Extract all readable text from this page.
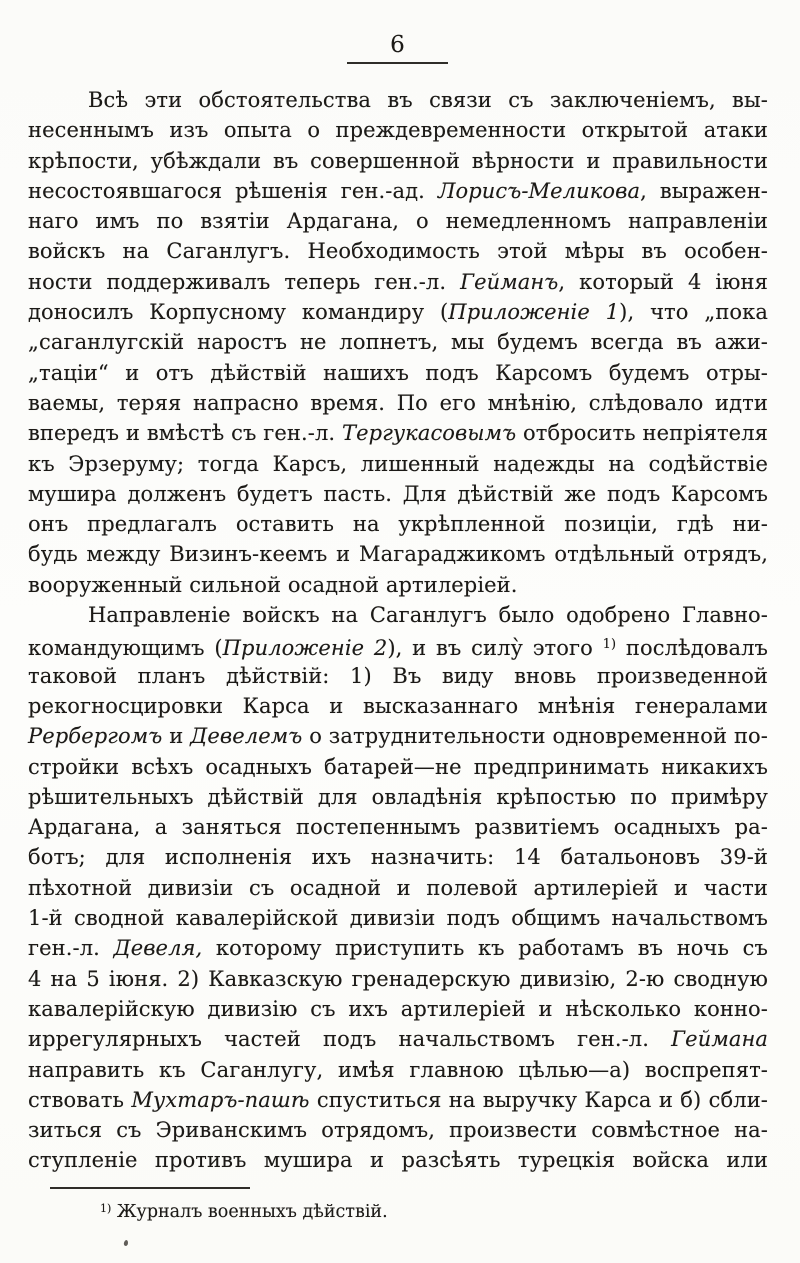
6
Всѣ эти обстоятельства въ связи съ заключеніемъ, вы-
несеннымъ изъ опыта о преждевременности открытой атаки
крѣпости, убѣждали въ совершенной вѣрности и правильности
несостоявшагося рѣшенія ген.-ад. Лорисъ-Меликова, выражен-
наго имъ по взятіи Ардагана, о немедленномъ направленіи
войскъ на Саганлугъ. Необходимость этой мѣры въ особен-
ности поддерживалъ теперь ген.-л. Гейманъ, который 4 іюня
доносилъ Корпусному командиру (Приложеніе 1), что „пока
„саганлугскій наростъ не лопнетъ, мы будемъ всегда въ ажи-
„таціи“ и отъ дѣйствій нашихъ подъ Карсомъ будемъ отры-
ваемы, теряя напрасно время. По его мнѣнію, слѣдовало идти
впередъ и вмѣстѣ съ ген.-л. Тергукасовымъ отбросить непріятеля
къ Эрзеруму; тогда Карсъ, лишенный надежды на содѣйствіе
мушира долженъ будетъ пасть. Для дѣйствій же подъ Карсомъ
онъ предлагалъ оставить на укрѣпленной позиціи, гдѣ ни-
будь между Визинъ-кеемъ и Магараджикомъ отдѣльный отрядъ,
вооруженный сильной осадной артилеріей.
Направленіе войскъ на Саганлугъ было одобрено Главно-
командующимъ (Приложеніе 2), и въ силу̀ этого $^{1)}$ послѣдовалъ
таковой планъ дѣйствій: 1) Въ виду вновь произведенной
рекогносцировки Карса и высказаннаго мнѣнія генералами
Рербергомъ и Девелемъ о затруднительности одновременной по-
стройки всѣхъ осадныхъ батарей—не предпринимать никакихъ
рѣшительныхъ дѣйствій для овладѣнія крѣпостью по примѣру
Ардагана, а заняться постепеннымъ развитіемъ осадныхъ ра-
ботъ; для исполненія ихъ назначить: 14 батальоновъ 39-й
пѣхотной дивизіи съ осадной и полевой артилеріей и части
1-й сводной кавалерійской дивизіи подъ общимъ начальствомъ
ген.-л. Девеля, которому приступить къ работамъ въ ночь съ
4 на 5 іюня. 2) Кавказскую гренадерскую дивизію, 2-ю сводную
кавалерійскую дивизію съ ихъ артилеріей и нѣсколько конно-
иррегулярныхъ частей подъ начальствомъ ген.-л. Геймана
направить къ Саганлугу, имѣя главною цѣлью—а) воспрепят-
ствовать Мухтаръ-пашѣ спуститься на выручку Карса и б) сбли-
зиться съ Эриванскимъ отрядомъ, произвести совмѣстное на-
ступленіе противъ мушира и разсѣять турецкія войска или
$^{1)}$ Журналъ военныхъ дѣйствій.
